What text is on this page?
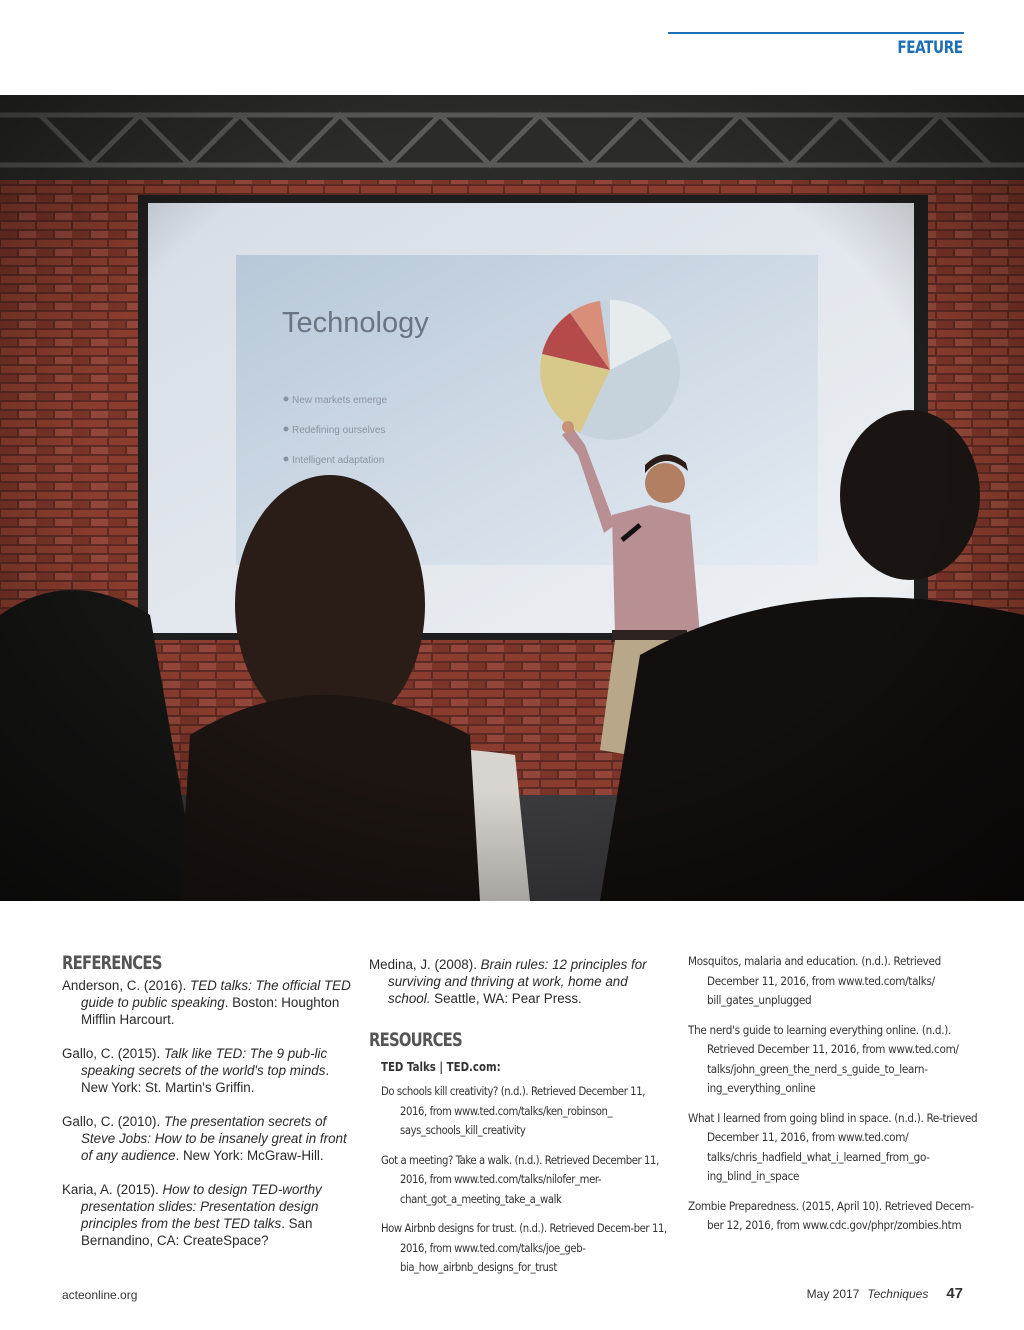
FEATURE
REFERENCES

Anderson, C. (2016). TED talks: The official TED guide to public speaking. Boston: Houghton Mifflin Harcourt.

Gallo, C. (2015). Talk like TED: The 9 pub-lic speaking secrets of the world's top minds. New York: St. Martin's Griffin.

Gallo, C. (2010). The presentation secrets of Steve Jobs: How to be insanely great in front of any audience. New York: McGraw-Hill.

Karia, A. (2015). How to design TED-worthy presentation slides: Presentation design principles from the best TED talks. San Bernandino, CA: CreateSpace?

Medina, J. (2008). Brain rules: 12 principles for surviving and thriving at work, home and school. Seattle, WA: Pear Press.

RESOURCES
TED Talks | TED.com:

Do schools kill creativity? (n.d.). Retrieved December 11, 2016, from www.ted.com/talks/ken_robinson_ says_schools_kill_creativity

Got a meeting? Take a walk. (n.d.). Retrieved December 11, 2016, from www.ted.com/talks/nilofer_mer-chant_got_a_meeting_take_a_walk

How Airbnb designs for trust. (n.d.). Retrieved Decem-ber 11, 2016, from www.ted.com/talks/joe_geb-bia_how_airbnb_designs_for_trust

Mosquitos, malaria and education. (n.d.). Retrieved December 11, 2016, from www.ted.com/talks/ bill_gates_unplugged

The nerd's guide to learning everything online. (n.d.). Retrieved December 11, 2016, from www.ted.com/ talks/john_green_the_nerd_s_guide_to_learn-ing_everything_online

What I learned from going blind in space. (n.d.). Re-trieved December 11, 2016, from www.ted.com/ talks/chris_hadfield_what_i_learned_from_go-ing_blind_in_space

Zombie Preparedness. (2015, April 10). Retrieved Decem-ber 12, 2016, from www.cdc.gov/phpr/zombies.htm

acteonline.org	May 2017 Techniques 47
